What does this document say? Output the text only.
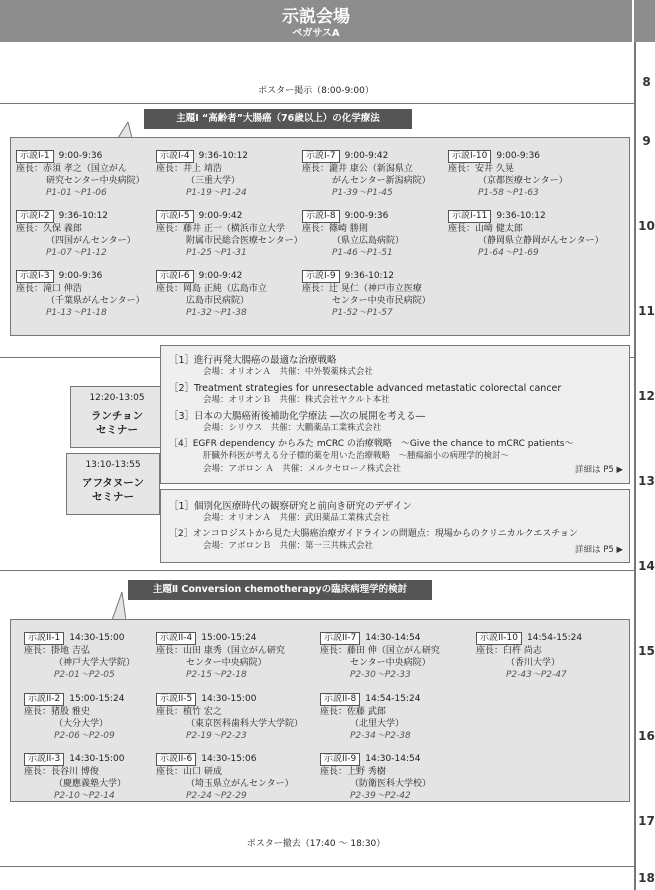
示説会場
ペガサスA
8
9
10
11
12
13
14
15
16
17
18
ポスター掲示（8:00-9:00）
主題Ⅰ “高齢者”大腸癌（76歳以上）の化学療法
示説I-1 9:00-9:36
座長：赤須 孝之（国立がん
研究センター中央病院）
P1-01～P1-06
示説I-4 9:36-10:12
座長：井上 靖浩
（三重大学）
P1-19～P1-24
示説I-7 9:00-9:42
座長：瀧井 康公（新潟県立
がんセンター新潟病院）
P1-39～P1-45
示説I-10 9:00-9:36
座長：安井 久晃
（京都医療センター）
P1-58～P1-63
示説I-2 9:36-10:12
座長：久保 義郎
（四国がんセンター）
P1-07～P1-12
示説I-5 9:00-9:42
座長：藤井 正一（横浜市立大学
附属市民総合医療センター）
P1-25～P1-31
示説I-8 9:00-9:36
座長：篠崎 勝則
（県立広島病院）
P1-46～P1-51
示説I-11 9:36-10:12
座長：山﨑 健太郎
（静岡県立静岡がんセンター）
P1-64～P1-69
示説I-3 9:00-9:36
座長：滝口 伸浩
（千葉県がんセンター）
P1-13～P1-18
示説I-6 9:00-9:42
座長：岡島 正純（広島市立
広島市民病院）
P1-32～P1-38
示説I-9 9:36-10:12
座長：辻 晃仁（神戸市立医療
センター中央市民病院）
P1-52～P1-57
12:20-13:05
ランチョン
セミナー
［1］進行再発大腸癌の最適な治療戦略
会場：オリオンＡ　共催：中外製薬株式会社
［2］Treatment strategies for unresectable advanced metastatic colorectal cancer
会場：オリオンＢ　共催：株式会社ヤクルト本社
［3］日本の大腸癌術後補助化学療法 ―次の展開を考える―
会場：シリウス　共催：大鵬薬品工業株式会社
［4］EGFR dependency からみた mCRC の治療戦略　～Give the chance to mCRC patients～
肝臓外科医が考える分子標的薬を用いた治療戦略　～腫瘍縮小の病理学的検討～
会場：アポロン Ａ　共催：メルクセローノ株式会社	詳細は P5 ▶
13:10-13:55
アフタヌーン
セミナー
［1］個別化医療時代の観察研究と前向き研究のデザイン
会場：オリオンＡ　共催：武田薬品工業株式会社
［2］オンコロジストから見た大腸癌治療ガイドラインの問題点：現場からのクリニカルクエスチョン
会場：アポロンＢ　共催：第一三共株式会社	詳細は P5 ▶
主題Ⅱ Conversion chemotherapyの臨床病理学的検討
示説II-1 14:30-15:00
座長：掛地 吉弘
（神戸大学大学院）
P2-01～P2-05
示説II-4 15:00-15:24
座長：山田 康秀（国立がん研究
センター中央病院）
P2-15～P2-18
示説II-7 14:30-14:54
座長：藤田 伸（国立がん研究
センター中央病院）
P2-30～P2-33
示説II-10 14:54-15:24
座長：臼杵 尚志
（香川大学）
P2-43～P2-47
示説II-2 15:00-15:24
座長：猪股 雅史
（大分大学）
P2-06～P2-09
示説II-5 14:30-15:00
座長：植竹 宏之
（東京医科歯科大学大学院）
P2-19～P2-23
示説II-8 14:54-15:24
座長：佐藤 武郎
（北里大学）
P2-34～P2-38
示説II-3 14:30-15:00
座長：長谷川 博俊
（慶應義塾大学）
P2-10～P2-14
示説II-6 14:30-15:06
座長：山口 研成
（埼玉県立がんセンター）
P2-24～P2-29
示説II-9 14:30-14:54
座長：上野 秀樹
（防衛医科大学校）
P2-39～P2-42
ポスター撤去（17:40 ～ 18:30）
